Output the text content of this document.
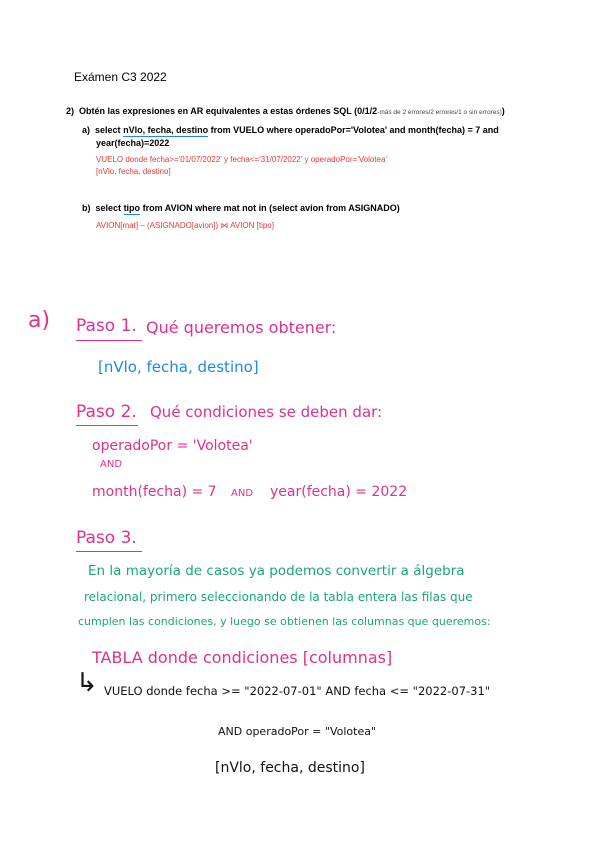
Exámen C3 2022
2) Obtén las expresiones en AR equivalentes a estas órdenes SQL (0/1/2-más de 2 errores/2 errores/1 o sin errores))
a) select nVlo, fecha, destino from VUELO where operadoPor='Volotea' and month(fecha) = 7 and
year(fecha)=2022
VUELO donde fecha>='01/07/2022' y fecha<='31/07/2022' y operadoPor='Volotea'
[nVlo, fecha, destino]
b) select tipo from AVION where mat not in (select avion from ASIGNADO)
AVION[mat] – (ASIGNADO[avion]) ⋈ AVION [tipo]
a) Paso 1. Qué queremos obtener:
[nVlo, fecha, destino]
Paso 2. Qué condiciones se deben dar:
operadoPor = 'Volotea'
AND
month(fecha) = 7 AND year(fecha) = 2022
Paso 3.
En la mayoría de casos ya podemos convertir a álgebra
relacional, primero seleccionando de la tabla entera las filas que
cumplen las condiciones, y luego se obtienen las columnas que queremos:
TABLA donde condiciones [columnas]
↳ VUELO donde fecha >= "2022-07-01" AND fecha <= "2022-07-31"
AND operadoPor = "Volotea"
[nVlo, fecha, destino]
